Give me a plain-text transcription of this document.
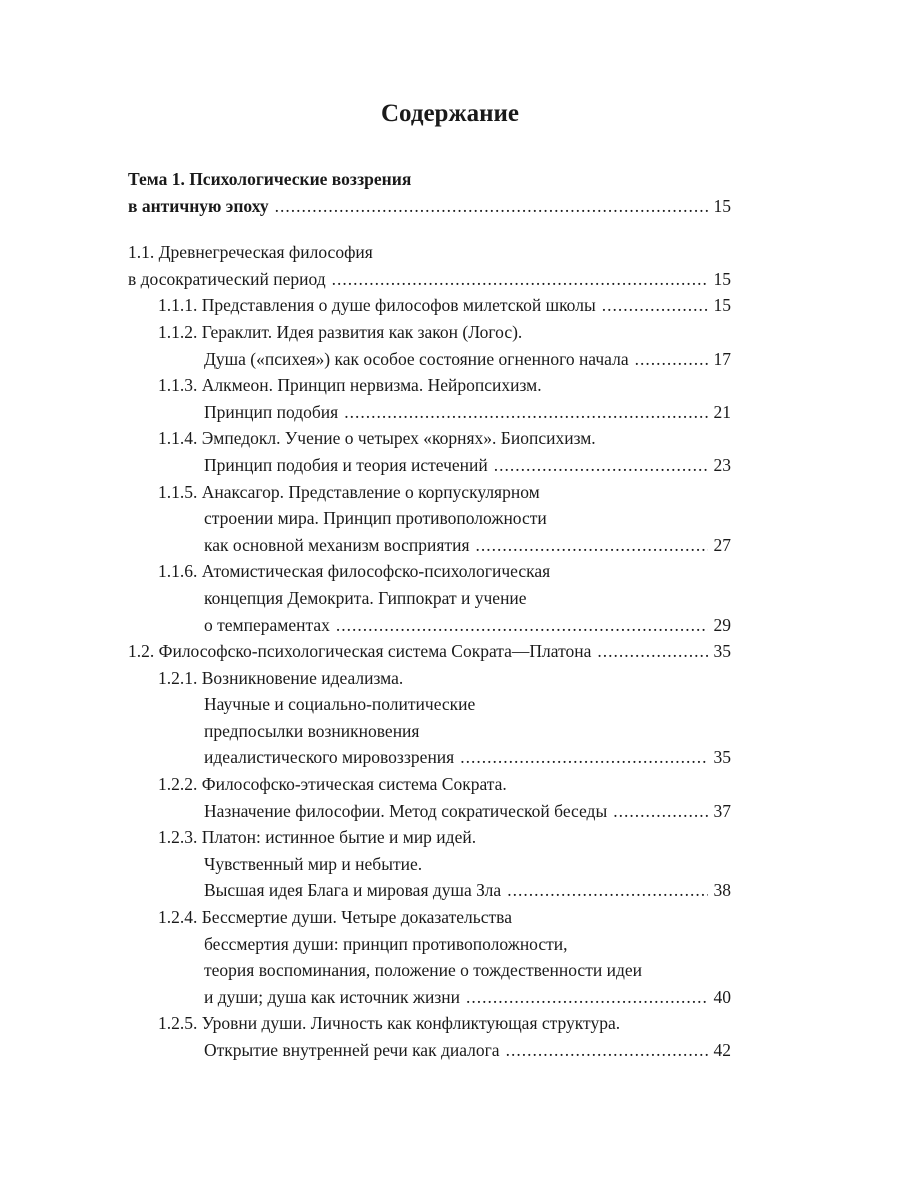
Содержание
Тема 1. Психологические воззрения
в античную эпоху .....	15
1.1. Древнегреческая философия
в досократический период .....	15
1.1.1. Представления о душе философов милетской школы .....	15
1.1.2. Гераклит. Идея развития как закон (Логос).
Душа («психея») как особое состояние огненного начала .....	17
1.1.3. Алкмеон. Принцип нервизма. Нейропсихизм.
Принцип подобия .....	21
1.1.4. Эмпедокл. Учение о четырех «корнях». Биопсихизм.
Принцип подобия и теория истечений .....	23
1.1.5. Анаксагор. Представление о корпускулярном
строении мира. Принцип противоположности
как основной механизм восприятия .....	27
1.1.6. Атомистическая философско-психологическая
концепция Демокрита. Гиппократ и учение
о темпераментах .....	29
1.2. Философско-психологическая система Сократа—Платона .....	35
1.2.1. Возникновение идеализма.
Научные и социально-политические
предпосылки возникновения
идеалистического мировоззрения .....	35
1.2.2. Философско-этическая система Сократа.
Назначение философии. Метод сократической беседы .....	37
1.2.3. Платон: истинное бытие и мир идей.
Чувственный мир и небытие.
Высшая идея Блага и мировая душа Зла .....	38
1.2.4. Бессмертие души. Четыре доказательства
бессмертия души: принцип противоположности,
теория воспоминания, положение о тождественности идеи
и души; душа как источник жизни .....	40
1.2.5. Уровни души. Личность как конфликтующая структура.
Открытие внутренней речи как диалога .....	42
